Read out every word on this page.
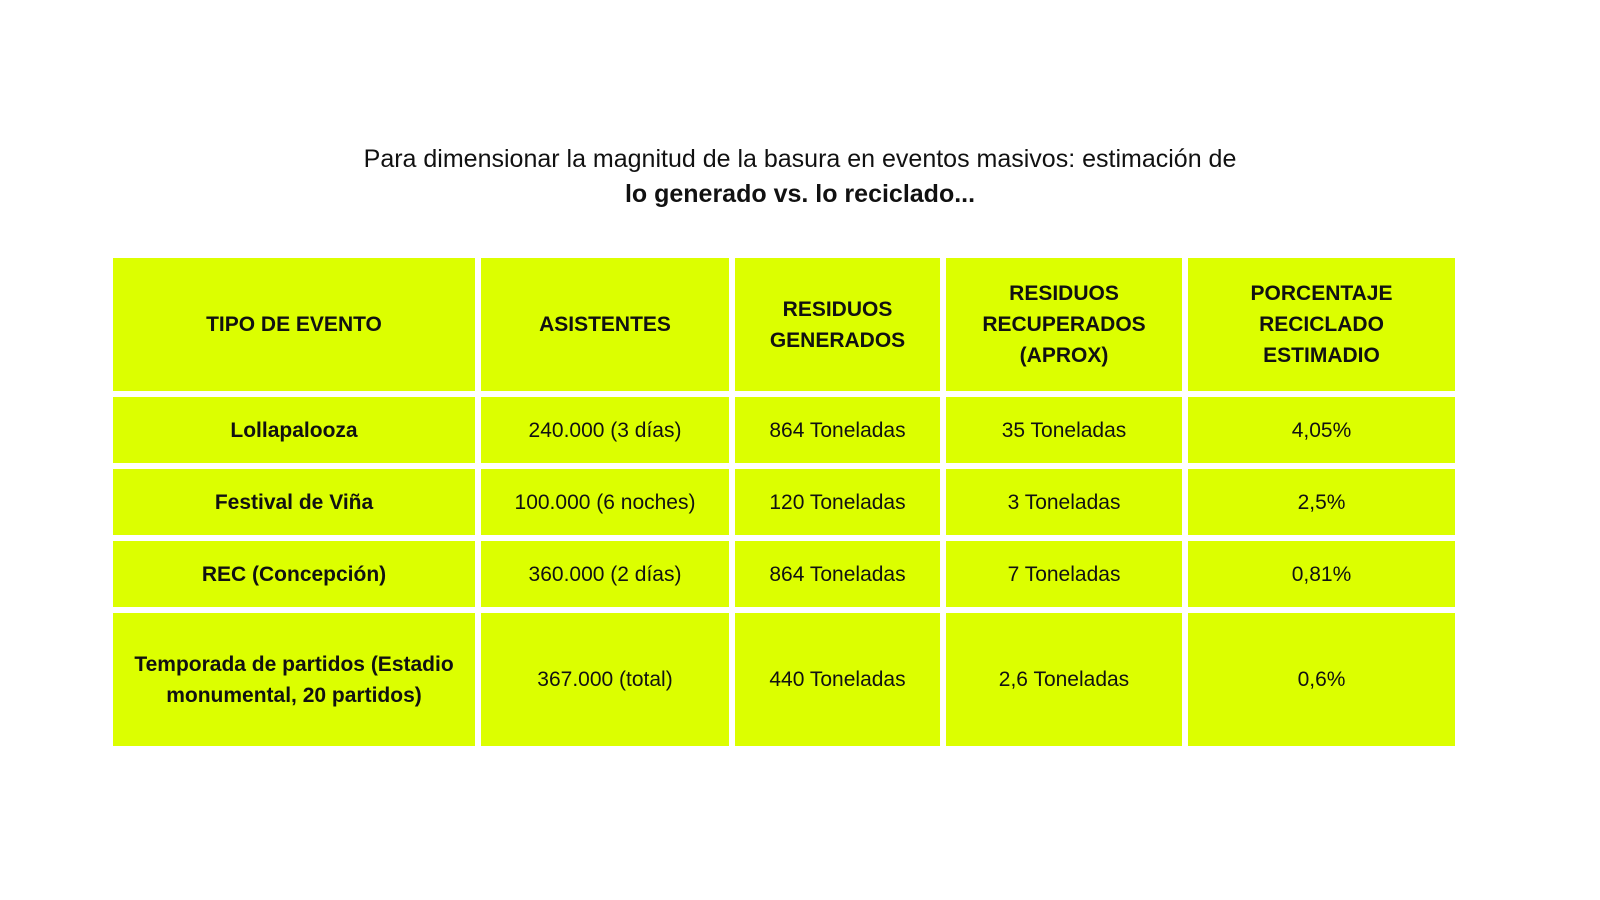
Para dimensionar la magnitud de la basura en eventos masivos: estimación de
lo generado vs. lo reciclado...
TIPO DE EVENTO	ASISTENTES	RESIDUOS GENERADOS	RESIDUOS RECUPERADOS (APROX)	PORCENTAJE RECICLADO ESTIMADIO
Lollapalooza	240.000 (3 días)	864 Toneladas	35 Toneladas	4,05%
Festival de Viña	100.000 (6 noches)	120 Toneladas	3 Toneladas	2,5%
REC (Concepción)	360.000 (2 días)	864 Toneladas	7 Toneladas	0,81%
Temporada de partidos (Estadio monumental, 20 partidos)	367.000 (total)	440 Toneladas	2,6 Toneladas	0,6%
